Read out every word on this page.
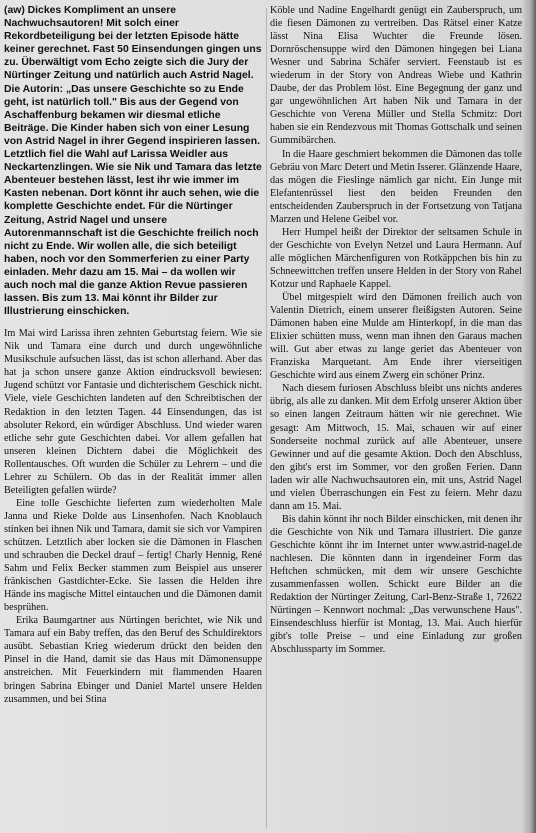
(aw) Dickes Kompliment an unsere Nachwuchsautoren! Mit solch einer Rekordbeteiligung bei der letzten Episode hätte keiner gerechnet. Fast 50 Einsendungen gingen uns zu. Überwältigt vom Echo zeigte sich die Jury der Nürtinger Zeitung und natürlich auch Astrid Nagel. Die Autorin: „Das unsere Geschichte so zu Ende geht, ist natürlich toll." Bis aus der Gegend von Aschaffenburg bekamen wir diesmal etliche Beiträge. Die Kinder haben sich von einer Lesung von Astrid Nagel in ihrer Gegend inspirieren lassen. Letztlich fiel die Wahl auf Larissa Weidler aus Neckartenzlingen. Wie sie Nik und Tamara das letzte Abenteuer bestehen lässt, lest ihr wie immer im Kasten nebenan. Dort könnt ihr auch sehen, wie die komplette Geschichte endet. Für die Nürtinger Zeitung, Astrid Nagel und unsere Autorenmannschaft ist die Geschichte freilich noch nicht zu Ende. Wir wollen alle, die sich beteiligt haben, noch vor den Sommerferien zu einer Party einladen. Mehr dazu am 15. Mai – da wollen wir auch noch mal die ganze Aktion Revue passieren lassen. Bis zum 13. Mai könnt ihr Bilder zur Illustrierung einschicken.

Im Mai wird Larissa ihren zehnten Geburtstag feiern. Wie sie Nik und Tamara eine durch und durch ungewöhnliche Musikschule aufsuchen lässt, das ist schon allerhand. Aber das hat ja schon unsere ganze Aktion eindrucksvoll bewiesen: Jugend schützt vor Fantasie und dichterischem Geschick nicht. Viele, viele Geschichten landeten auf den Schreibtischen der Redaktion in den letzten Tagen. 44 Einsendungen, das ist absoluter Rekord, ein würdiger Abschluss. Und wieder waren etliche sehr gute Geschichten dabei. Vor allem gefallen hat unseren kleinen Dichtern dabei die Möglichkeit des Rollentausches. Oft wurden die Schüler zu Lehrern – und die Lehrer zu Schülern. Ob das in der Realität immer allen Beteiligten gefallen würde?

Eine tolle Geschichte lieferten zum wiederholten Male Janna und Rieke Dolde aus Linsenhofen. Nach Knoblauch stinken bei ihnen Nik und Tamara, damit sie sich vor Vampiren schützen. Letztlich aber locken sie die Dämonen in Flaschen und schrauben die Deckel drauf – fertig! Charly Hennig, René Sahm und Felix Becker stammen zum Beispiel aus unserer fränkischen Gastdichter-Ecke. Sie lassen die Helden ihre Hände ins magische Mittel eintauchen und die Dämonen damit besprühen.

Erika Baumgartner aus Nürtingen berichtet, wie Nik und Tamara auf ein Baby treffen, das den Beruf des Schuldirektors ausübt. Sebastian Krieg wiederum drückt den beiden den Pinsel in die Hand, damit sie das Haus mit Dämonensuppe anstreichen. Mit Feuerkindern mit flammenden Haaren bringen Sabrina Ebinger und Daniel Martel unsere Helden zusammen, und bei Stina

Köble und Nadine Engelhardt genügt ein Zauberspruch, um die fiesen Dämonen zu vertreiben. Das Rätsel einer Katze lässt Nina Elisa Wuchter die Freunde lösen. Dornröschensuppe wird den Dämonen hingegen bei Liana Wesner und Sabrina Schäfer serviert. Feenstaub ist es wiederum in der Story von Andreas Wiebe und Kathrin Daube, der das Problem löst. Eine Begegnung der ganz und gar ungewöhnlichen Art haben Nik und Tamara in der Geschichte von Verena Müller und Stella Schmitz: Dort haben sie ein Rendezvous mit Thomas Gottschalk und seinen Gummibärchen.

In die Haare geschmiert bekommen die Dämonen das tolle Gebräu von Marc Detert und Metin Isserer. Glänzende Haare, das mögen die Fieslinge nämlich gar nicht. Ein Junge mit Elefantenrüssel liest den beiden Freunden den entscheidenden Zauberspruch in der Fortsetzung von Tatjana Marzen und Helene Geibel vor.

Herr Humpel heißt der Direktor der seltsamen Schule in der Geschichte von Evelyn Netzel und Laura Hermann. Auf alle möglichen Märchenfiguren von Rotkäppchen bis hin zu Schneewittchen treffen unsere Helden in der Story von Rahel Kotzur und Raphaele Kappel.

Übel mitgespielt wird den Dämonen freilich auch von Valentin Dietrich, einem unserer fleißigsten Autoren. Seine Dämonen haben eine Mulde am Hinterkopf, in die man das Elixier schütten muss, wenn man ihnen den Garaus machen will. Gut aber etwas zu lange geriet das Abenteuer von Franziska Marquetant. Am Ende ihrer vierseitigen Geschichte wird aus einem Zwerg ein schöner Prinz.

Nach diesem furiosen Abschluss bleibt uns nichts anderes übrig, als alle zu danken. Mit dem Erfolg unserer Aktion über so einen langen Zeitraum hätten wir nie gerechnet. Wie gesagt: Am Mittwoch, 15. Mai, schauen wir auf einer Sonderseite nochmal zurück auf alle Abenteuer, unsere Gewinner und auf die gesamte Aktion. Doch den Abschluss, den gibt's erst im Sommer, vor den großen Ferien. Dann laden wir alle Nachwuchsautoren ein, mit uns, Astrid Nagel und vielen Überraschungen ein Fest zu feiern. Mehr dazu dann am 15. Mai.

Bis dahin könnt ihr noch Bilder einschicken, mit denen ihr die Geschichte von Nik und Tamara illustriert. Die ganze Geschichte könnt ihr im Internet unter www.astrid-nagel.de nachlesen. Die könnten dann in irgendeiner Form das Heftchen schmücken, mit dem wir unsere Geschichte zusammenfassen wollen. Schickt eure Bilder an die Redaktion der Nürtinger Zeitung, Carl-Benz-Straße 1, 72622 Nürtingen – Kennwort nochmal: „Das verwunschene Haus". Einsendeschluss hierfür ist Montag, 13. Mai. Auch hierfür gibt's tolle Preise – und eine Einladung zur großen Abschlussparty im Sommer.
